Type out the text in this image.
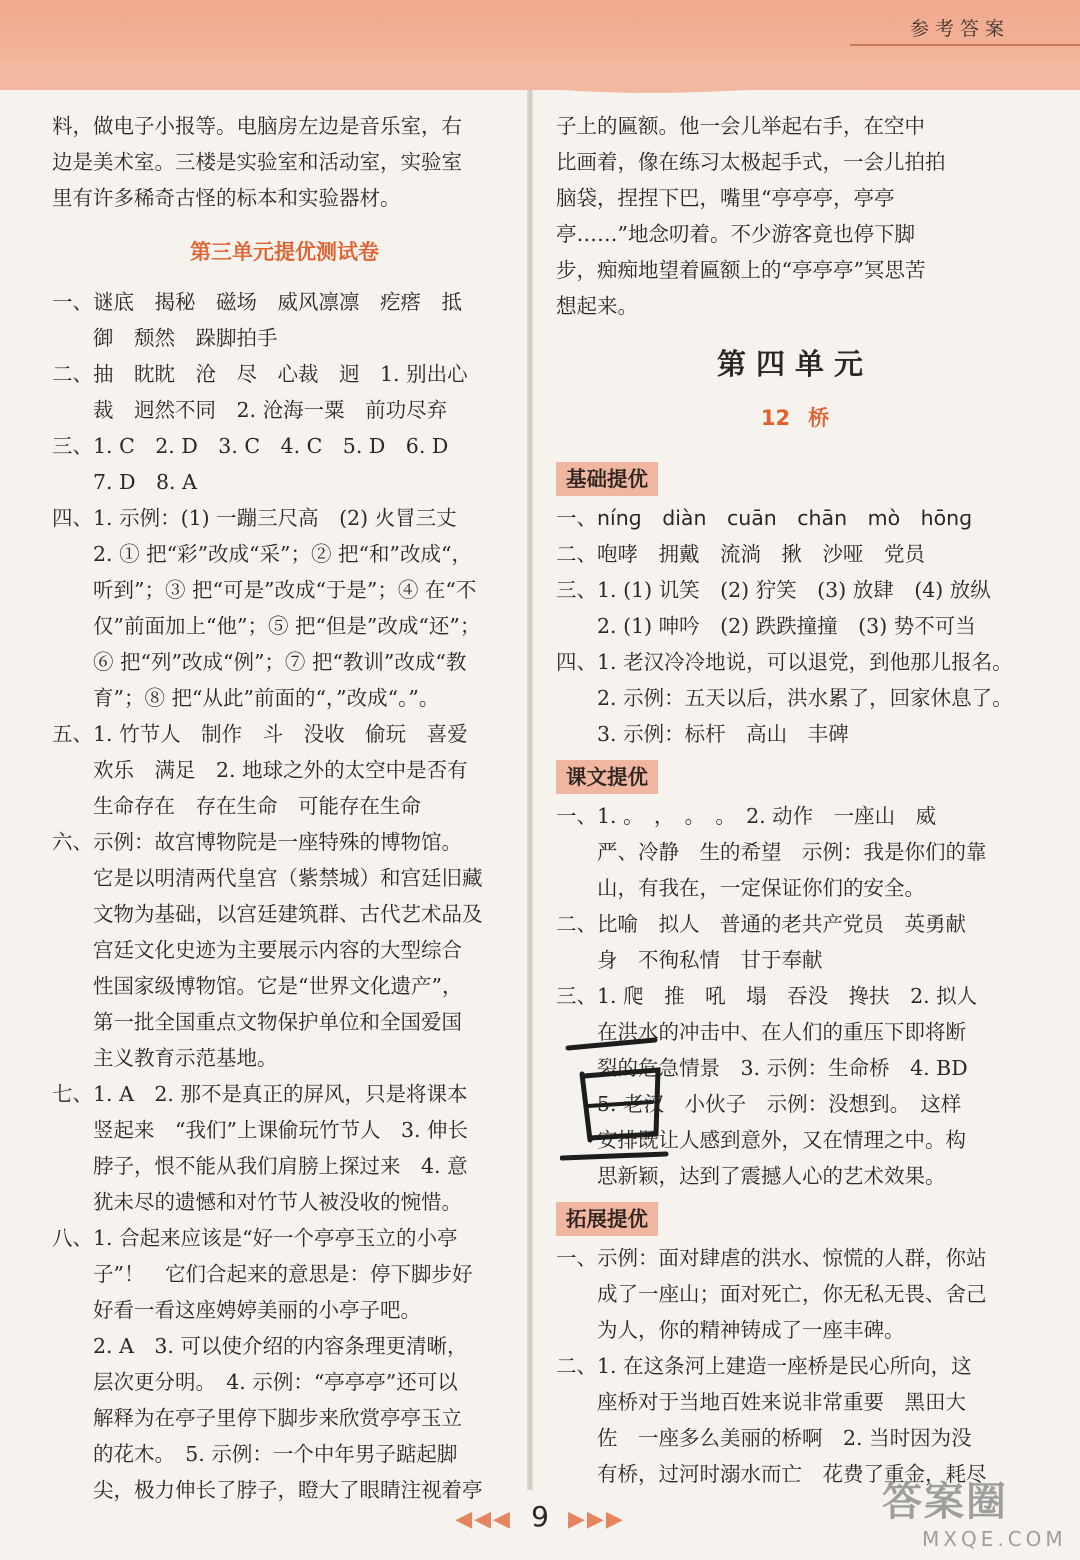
参考答案

料，做电子小报等。电脑房左边是音乐室，右

边是美术室。三楼是实验室和活动室，实验室

里有许多稀奇古怪的标本和实验器材。

第三单元提优测试卷

一、谜底　揭秘　磁场　威风凛凛　疙瘩　抵

御　颓然　跺脚拍手

二、抽　眈眈　沧　尽　心裁　迥　1. 别出心

裁　迥然不同　2. 沧海一粟　前功尽弃

三、1. C　2. D　3. C　4. C　5. D　6. D

7. D　8. A

四、1. 示例：(1) 一蹦三尺高　(2) 火冒三丈

2. ① 把“彩”改成“采”；② 把“和”改成“，

听到”；③ 把“可是”改成“于是”；④ 在“不

仅”前面加上“他”；⑤ 把“但是”改成“还”；

⑥ 把“列”改成“例”；⑦ 把“教训”改成“教

育”；⑧ 把“从此”前面的“，”改成“。”。

五、1. 竹节人　制作　斗　没收　偷玩　喜爱

欢乐　满足　2. 地球之外的太空中是否有

生命存在　存在生命　可能存在生命

六、示例：故宫博物院是一座特殊的博物馆。

它是以明清两代皇宫（紫禁城）和宫廷旧藏

文物为基础，以宫廷建筑群、古代艺术品及

宫廷文化史迹为主要展示内容的大型综合

性国家级博物馆。它是“世界文化遗产”，

第一批全国重点文物保护单位和全国爱国

主义教育示范基地。

七、1. A　2. 那不是真正的屏风，只是将课本

竖起来　“我们”上课偷玩竹节人　3. 伸长

脖子，恨不能从我们肩膀上探过来　4. 意

犹未尽的遗憾和对竹节人被没收的惋惜。

八、1. 合起来应该是“好一个亭亭玉立的小亭

子”！　它们合起来的意思是：停下脚步好

好看一看这座娉婷美丽的小亭子吧。

2. A　3. 可以使介绍的内容条理更清晰，

层次更分明。　4. 示例：“亭亭亭”还可以

解释为在亭子里停下脚步来欣赏亭亭玉立

的花木。　5. 示例：一个中年男子踮起脚

尖，极力伸长了脖子，瞪大了眼睛注视着亭

子上的匾额。他一会儿举起右手，在空中

比画着，像在练习太极起手式，一会儿拍拍

脑袋，捏捏下巴，嘴里“亭亭亭，亭亭

亭……”地念叨着。不少游客竟也停下脚

步，痴痴地望着匾额上的“亭亭亭”冥思苦

想起来。

第四单元
12 桥
基础提优

一、nínɡ　diàn　cuān　chān　mò　hōnɡ

二、咆哮　拥戴　流淌　揪　沙哑　党员

三、1. (1) 讥笑　(2) 狞笑　(3) 放肆　(4) 放纵

2. (1) 呻吟　(2) 跌跌撞撞　(3) 势不可当

四、1. 老汉冷冷地说，可以退党，到他那儿报名。

2. 示例：五天以后，洪水累了，回家休息了。

3. 示例：标杆　高山　丰碑

课文提优

一、1. 。　，　。　。　2. 动作　一座山　威

严、冷静　生的希望　示例：我是你们的靠

山，有我在，一定保证你们的安全。

二、比喻　拟人　普通的老共产党员　英勇献

身　不徇私情　甘于奉献

三、1. 爬　推　吼　塌　吞没　搀扶　2. 拟人

在洪水的冲击中、在人们的重压下即将断

裂的危急情景　3. 示例：生命桥　4. BD

5. 老汉　小伙子　示例：没想到。　这样

安排既让人感到意外，又在情理之中。构

思新颖，达到了震撼人心的艺术效果。

拓展提优

一、示例：面对肆虐的洪水、惊慌的人群，你站

成了一座山；面对死亡，你无私无畏、舍己

为人，你的精神铸成了一座丰碑。

二、1. 在这条河上建造一座桥是民心所向，这

座桥对于当地百姓来说非常重要　黑田大

佐　一座多么美丽的桥啊　2. 当时因为没

有桥，过河时溺水而亡　花费了重金，耗尽

◀◀◀ 9 ▶▶▶	答案圈
MXQE.COM
